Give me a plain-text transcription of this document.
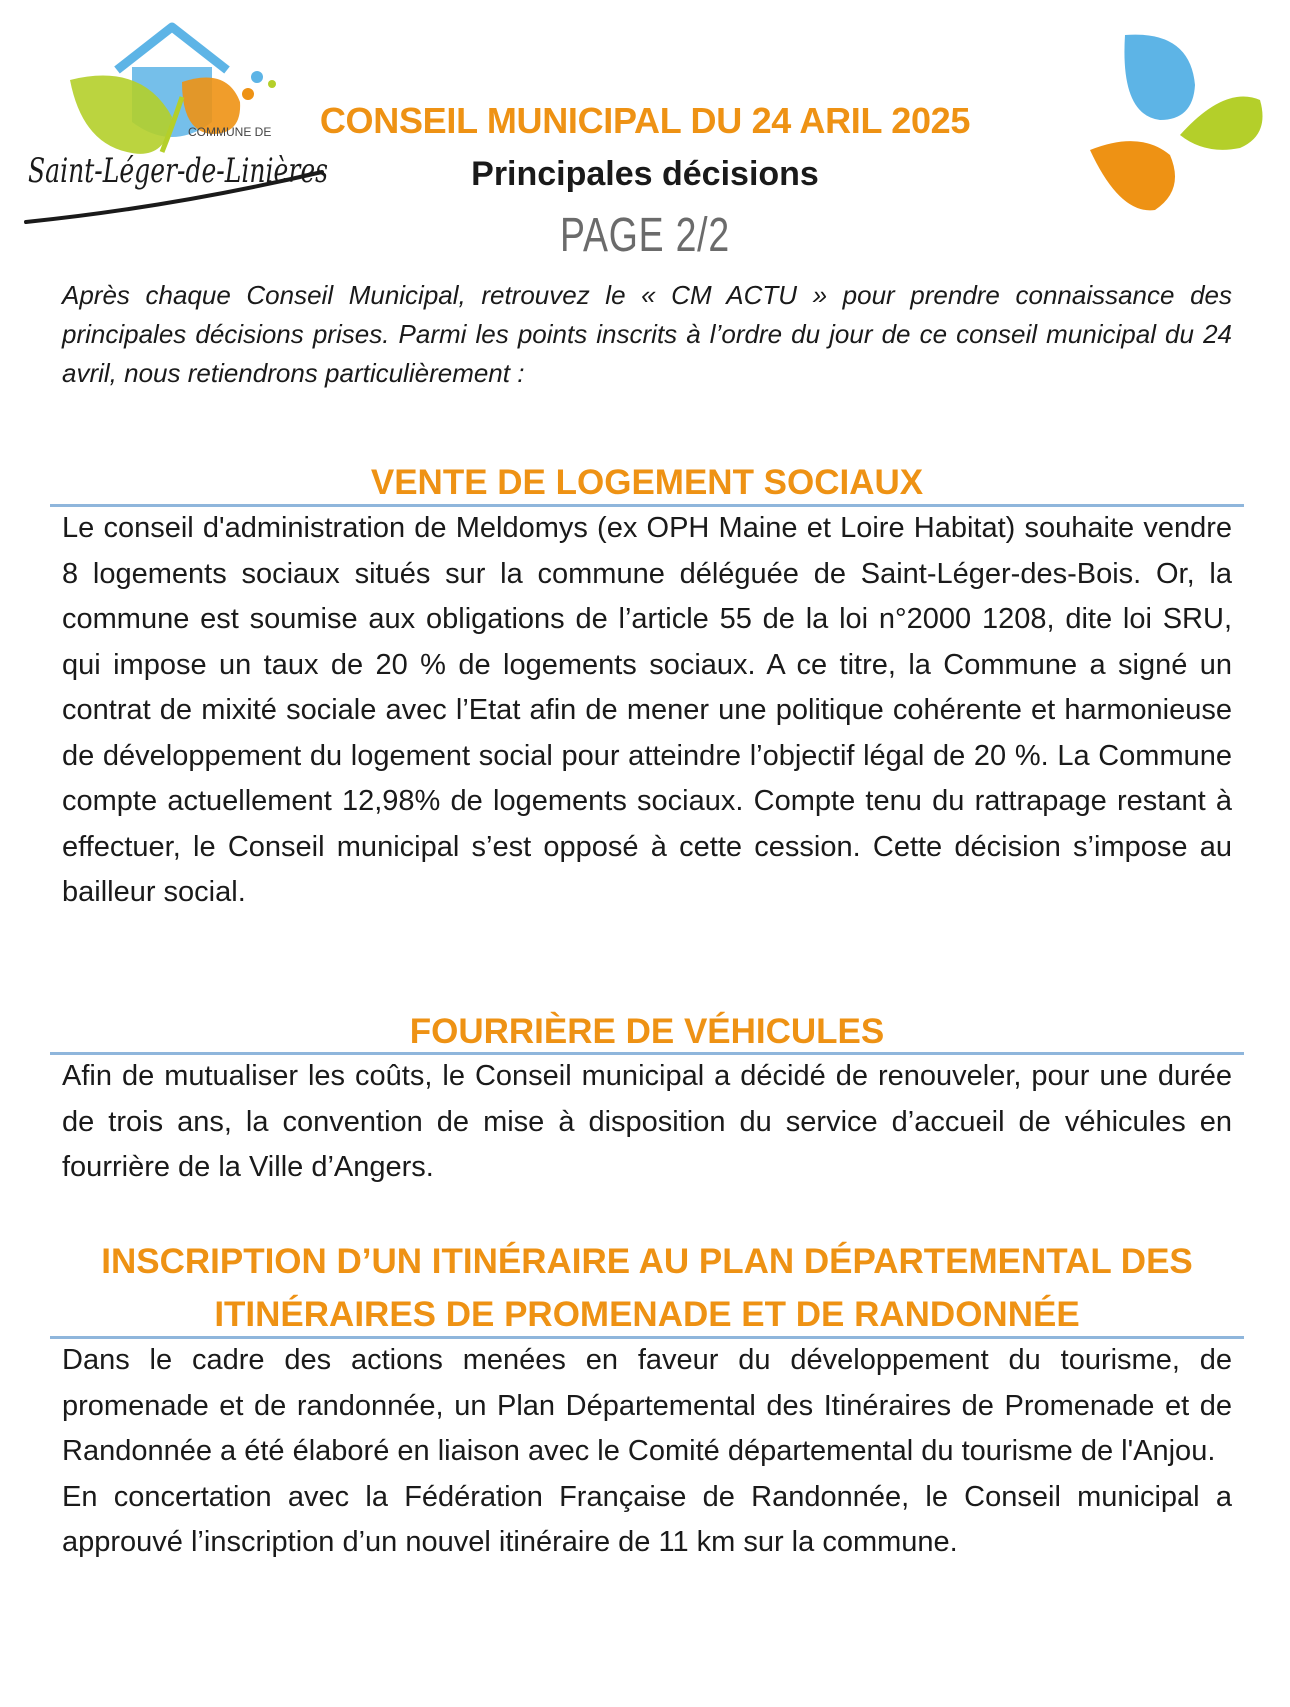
COMMUNE DE
Saint-Léger-de-Linières
CONSEIL MUNICIPAL DU 24 ARIL 2025
Principales décisions
PAGE 2/2
Après chaque Conseil Municipal, retrouvez le « CM ACTU » pour prendre connaissance des principales décisions prises. Parmi les points inscrits à l’ordre du jour de ce conseil municipal du 24 avril, nous retiendrons particulièrement :
VENTE DE LOGEMENT SOCIAUX

Le conseil d'administration de Meldomys (ex OPH Maine et Loire Habitat) souhaite vendre 8 logements sociaux situés sur la commune déléguée de Saint-Léger-des-Bois. Or, la commune est soumise aux obligations de l’article 55 de la loi n°2000 1208, dite loi SRU, qui impose un taux de 20 % de logements sociaux. A ce titre, la Commune a signé un contrat de mixité sociale avec l’Etat afin de mener une politique cohérente et harmonieuse de développement du logement social pour atteindre l’objectif légal de 20 %. La Commune compte actuellement 12,98% de logements sociaux. Compte tenu du rattrapage restant à effectuer, le Conseil municipal s’est opposé à cette cession. Cette décision s’impose au bailleur social.

FOURRIÈRE DE VÉHICULES

Afin de mutualiser les coûts, le Conseil municipal a décidé de renouveler, pour une durée de trois ans, la convention de mise à disposition du service d’accueil de véhicules en fourrière de la Ville d’Angers.

INSCRIPTION D’UN ITINÉRAIRE AU PLAN DÉPARTEMENTAL DES
ITINÉRAIRES DE PROMENADE ET DE RANDONNÉE

Dans le cadre des actions menées en faveur du développement du tourisme, de promenade et de randonnée, un Plan Départemental des Itinéraires de Promenade et de Randonnée a été élaboré en liaison avec le Comité départemental du tourisme de l'Anjou.

En concertation avec la Fédération Française de Randonnée, le Conseil municipal a approuvé l’inscription d’un nouvel itinéraire de 11 km sur la commune.
